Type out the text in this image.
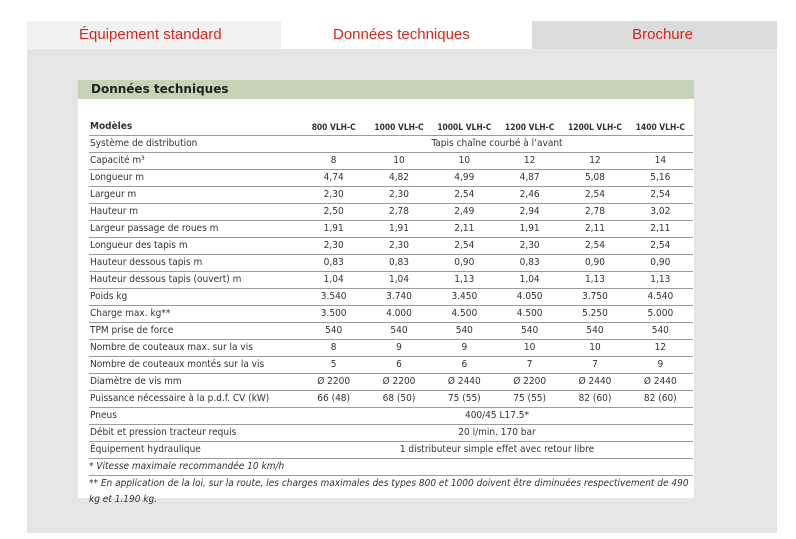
Équipement standard	Données techniques	Brochure
Données techniques
Modèles	800 VLH-C	1000 VLH-C	1000L VLH-C	1200 VLH-C	1200L VLH-C	1400 VLH-C
Système de distribution	Tapis chaîne courbé à l’avant					
Capacité m³	8	10	10	12	12	14
Longueur m	4,74	4,82	4,99	4,87	5,08	5,16
Largeur m	2,30	2,30	2,54	2,46	2,54	2,54
Hauteur m	2,50	2,78	2,49	2,94	2,78	3,02
Largeur passage de roues m	1,91	1,91	2,11	1,91	2,11	2,11
Longueur des tapis m	2,30	2,30	2,54	2,30	2,54	2,54
Hauteur dessous tapis m	0,83	0,83	0,90	0,83	0,90	0,90
Hauteur dessous tapis (ouvert) m	1,04	1,04	1,13	1,04	1,13	1,13
Poids kg	3.540	3.740	3.450	4.050	3.750	4.540
Charge max. kg**	3.500	4.000	4.500	4.500	5.250	5.000
TPM prise de force	540	540	540	540	540	540
Nombre de couteaux max. sur la vis	8	9	9	10	10	12
Nombre de couteaux montés sur la vis	5	6	6	7	7	9
Diamètre de vis mm	Ø 2200	Ø 2200	Ø 2440	Ø 2200	Ø 2440	Ø 2440
Puissance nécessaire à la p.d.f. CV (kW)	66 (48)	68 (50)	75 (55)	75 (55)	82 (60)	82 (60)
Pneus	400/45 L17.5*					
Débit et pression tracteur requis	20 l/min. 170 bar					
Équipement hydraulique	1 distributeur simple effet avec retour libre					
* Vitesse maximale recommandée 10 km/h						
** En application de la loi, sur la route, les charges maximales des types 800 et 1000 doivent être diminuées respectivement de 490 kg et 1.190 kg.						
